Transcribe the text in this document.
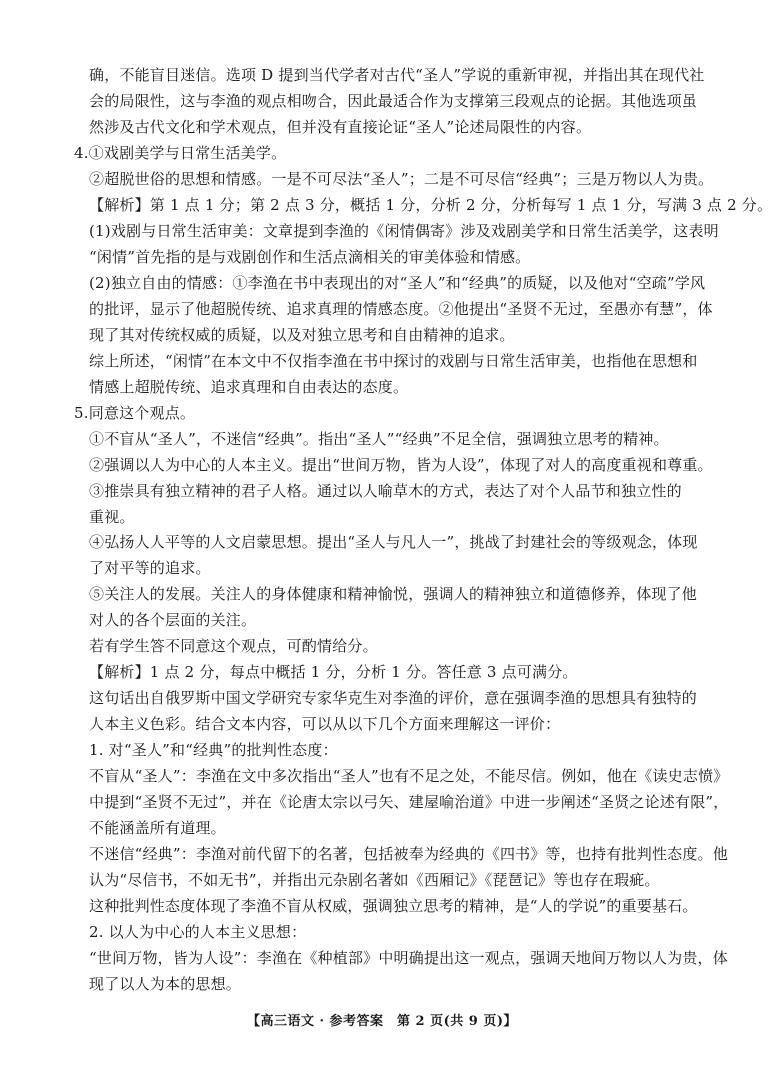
确，不能盲目迷信。选项 D 提到当代学者对古代“圣人”学说的重新审视，并指出其在现代社
会的局限性，这与李渔的观点相吻合，因此最适合作为支撑第三段观点的论据。其他选项虽
然涉及古代文化和学术观点，但并没有直接论证“圣人”论述局限性的内容。
4.①戏剧美学与日常生活美学。
②超脱世俗的思想和情感。一是不可尽法“圣人”；二是不可尽信“经典”；三是万物以人为贵。
【解析】第 1 点 1 分；第 2 点 3 分，概括 1 分，分析 2 分，分析每写 1 点 1 分，写满 3 点 2 分。
(1)戏剧与日常生活审美：文章提到李渔的《闲情偶寄》涉及戏剧美学和日常生活美学，这表明
“闲情”首先指的是与戏剧创作和生活点滴相关的审美体验和情感。
(2)独立自由的情感：①李渔在书中表现出的对“圣人”和“经典”的质疑，以及他对“空疏”学风
的批评，显示了他超脱传统、追求真理的情感态度。②他提出“圣贤不无过，至愚亦有慧”，体
现了其对传统权威的质疑，以及对独立思考和自由精神的追求。
综上所述，“闲情”在本文中不仅指李渔在书中探讨的戏剧与日常生活审美，也指他在思想和
情感上超脱传统、追求真理和自由表达的态度。
5.同意这个观点。
①不盲从“圣人”，不迷信“经典”。指出“圣人”“经典”不足全信，强调独立思考的精神。
②强调以人为中心的人本主义。提出“世间万物，皆为人设”，体现了对人的高度重视和尊重。
③推崇具有独立精神的君子人格。通过以人喻草木的方式，表达了对个人品节和独立性的
重视。
④弘扬人人平等的人文启蒙思想。提出“圣人与凡人一”，挑战了封建社会的等级观念，体现
了对平等的追求。
⑤关注人的发展。关注人的身体健康和精神愉悦，强调人的精神独立和道德修养，体现了他
对人的各个层面的关注。
若有学生答不同意这个观点，可酌情给分。
【解析】1 点 2 分，每点中概括 1 分，分析 1 分。答任意 3 点可满分。
这句话出自俄罗斯中国文学研究专家华克生对李渔的评价，意在强调李渔的思想具有独特的
人本主义色彩。结合文本内容，可以从以下几个方面来理解这一评价：
1. 对“圣人”和“经典”的批判性态度：
不盲从“圣人”：李渔在文中多次指出“圣人”也有不足之处，不能尽信。例如，他在《读史志愤》
中提到“圣贤不无过”，并在《论唐太宗以弓矢、建屋喻治道》中进一步阐述“圣贤之论述有限”，
不能涵盖所有道理。
不迷信“经典”：李渔对前代留下的名著，包括被奉为经典的《四书》等，也持有批判性态度。他
认为“尽信书，不如无书”，并指出元杂剧名著如《西厢记》《琵琶记》等也存在瑕疵。
这种批判性态度体现了李渔不盲从权威，强调独立思考的精神，是“人的学说”的重要基石。
2. 以人为中心的人本主义思想：
“世间万物，皆为人设”：李渔在《种植部》中明确提出这一观点，强调天地间万物以人为贵，体
现了以人为本的思想。
【高三语文 · 参考答案　第 2 页(共 9 页)】
